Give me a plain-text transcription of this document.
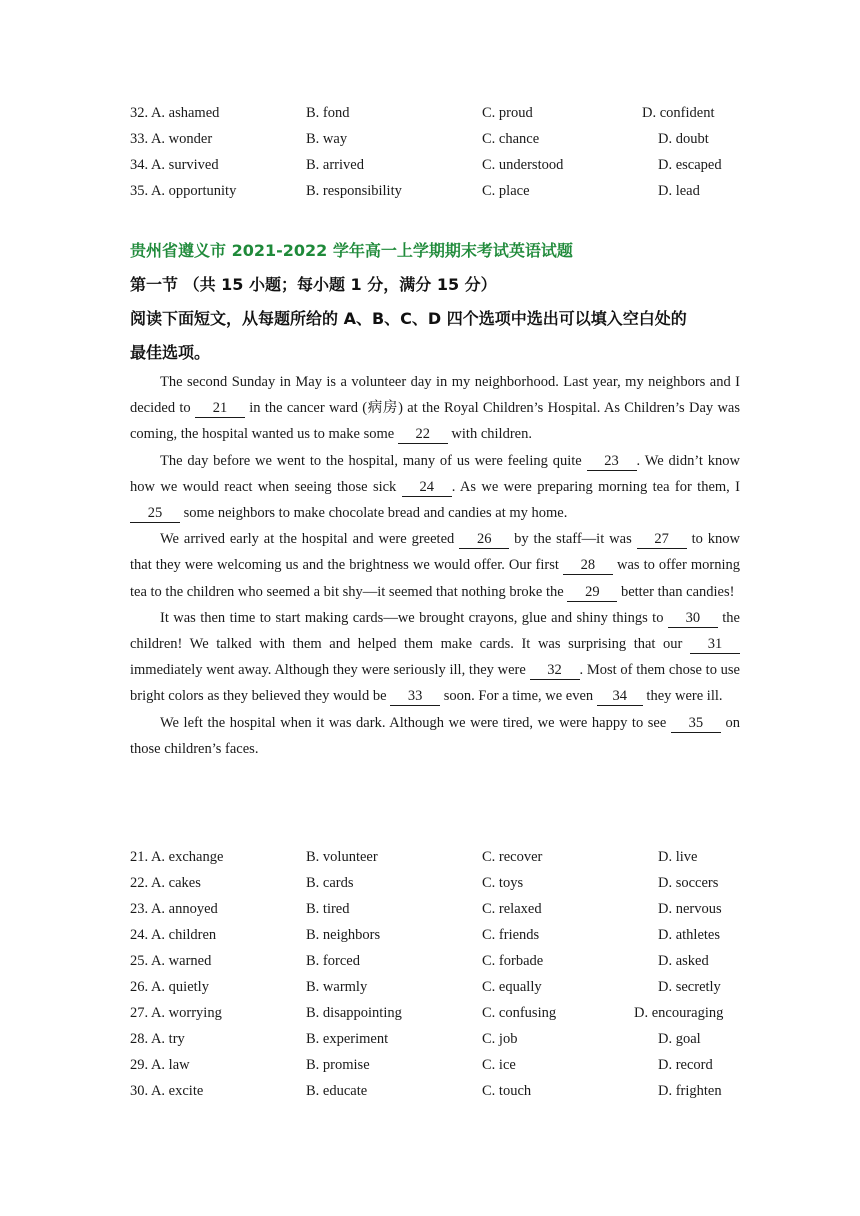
32. A. ashamed	B. fond	C. proud	D. confident
33. A. wonder	B. way	C. chance	D. doubt
34. A. survived	B. arrived	C. understood	D. escaped
35. A. opportunity	B. responsibility	C. place	D. lead
贵州省遵义市 2021-2022 学年高一上学期期末考试英语试题
第一节 （共 15 小题；每小题 1 分，满分 15 分）
阅读下面短文，从每题所给的 A、B、C、D 四个选项中选出可以填入空白处的
最佳选项。

The second Sunday in May is a volunteer day in my neighborhood. Last year, my neighbors and I decided to 21 in the cancer ward (病房) at the Royal Children’s Hospital. As Children’s Day was coming, the hospital wanted us to make some 22 with children.

The day before we went to the hospital, many of us were feeling quite 23 . We didn’t know how we would react when seeing those sick 24 . As we were preparing morning tea for them, I 25 some neighbors to make chocolate bread and candies at my home.

We arrived early at the hospital and were greeted 26 by the staff—it was 27 to know that they were welcoming us and the brightness we would offer. Our first 28 was to offer morning tea to the children who seemed a bit shy—it seemed that nothing broke the 29 better than candies!

It was then time to start making cards—we brought crayons, glue and shiny things to 30 the children! We talked with them and helped them make cards. It was surprising that our 31 immediately went away. Although they were seriously ill, they were 32 . Most of them chose to use bright colors as they believed they would be 33 soon. For a time, we even 34 they were ill.

We left the hospital when it was dark. Although we were tired, we were happy to see 35 on those children’s faces.

21. A. exchange	B. volunteer	C. recover	D. live
22. A. cakes	B. cards	C. toys	D. soccers
23. A. annoyed	B. tired	C. relaxed	D. nervous
24. A. children	B. neighbors	C. friends	D. athletes
25. A. warned	B. forced	C. forbade	D. asked
26. A. quietly	B. warmly	C. equally	D. secretly
27. A. worrying	B. disappointing	C. confusing	D. encouraging
28. A. try	B. experiment	C. job	D. goal
29. A. law	B. promise	C. ice	D. record
30. A. excite	B. educate	C. touch	D. frighten
